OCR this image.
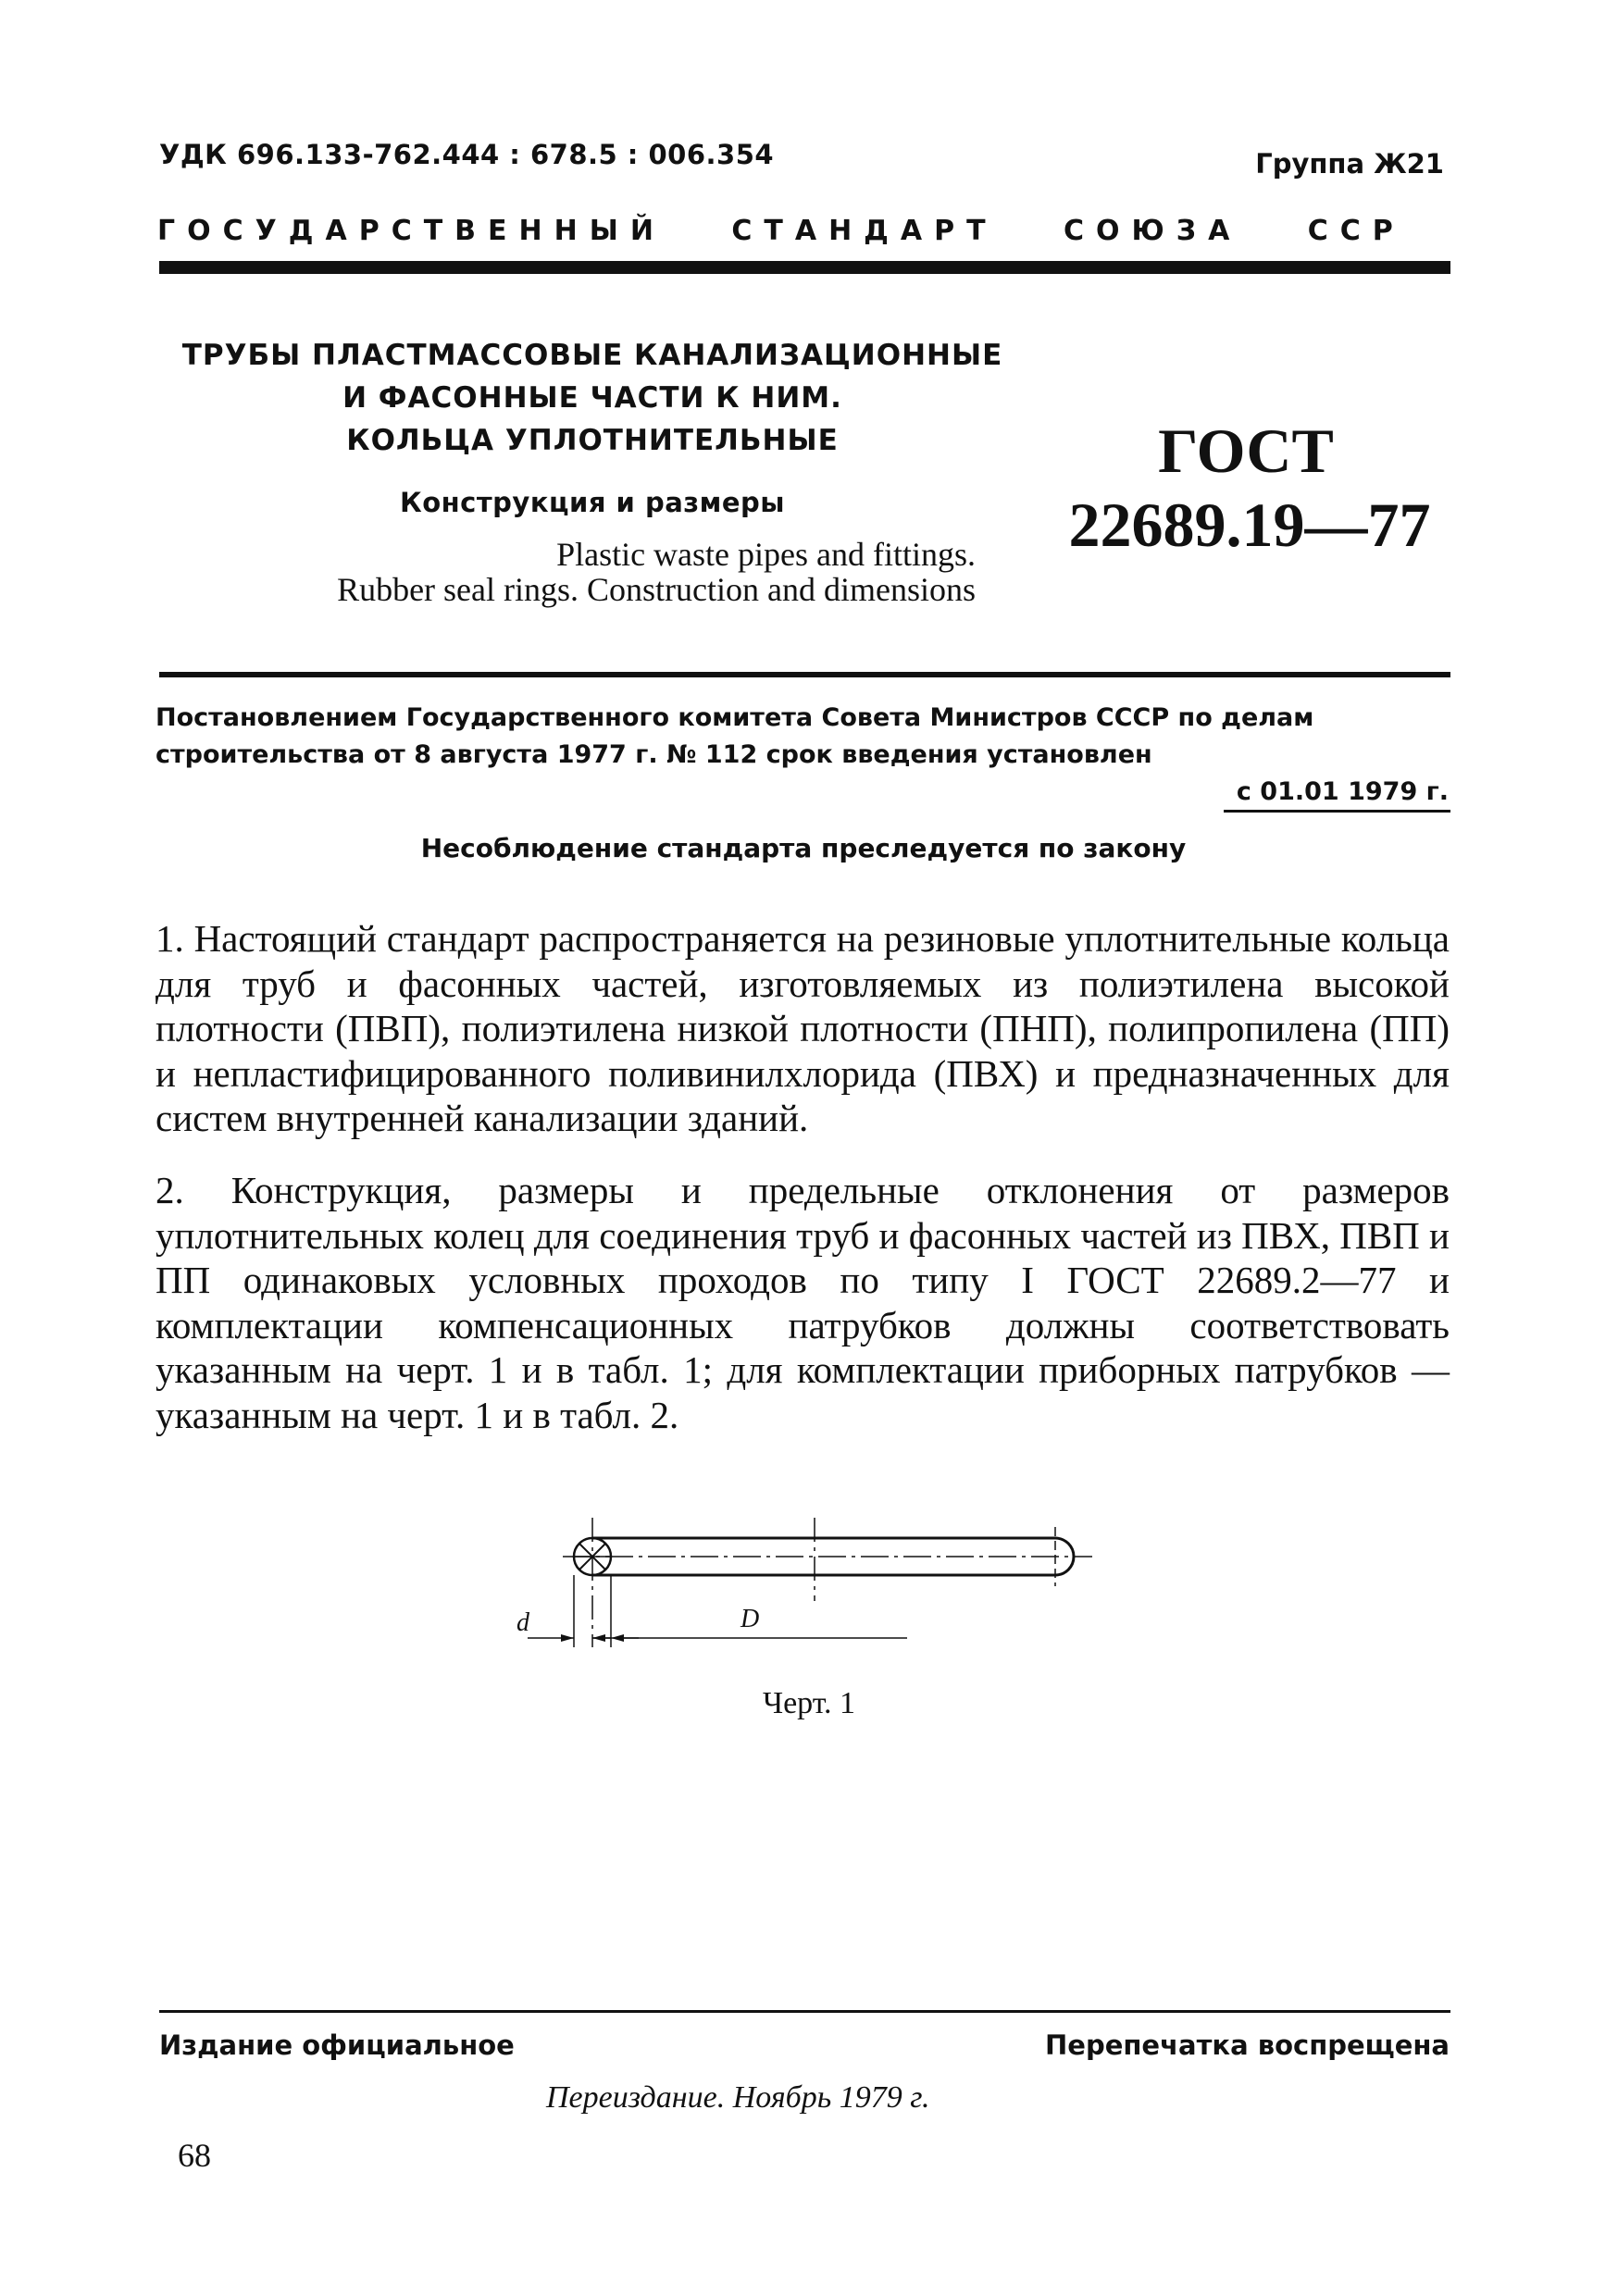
УДК 696.133-762.444 : 678.5 : 006.354	Группа Ж21
ГОСУДАРСТВЕННЫЙ СТАНДАРТ СОЮЗА ССР
ТРУБЫ ПЛАСТМАССОВЫЕ КАНАЛИЗАЦИОННЫЕ
И ФАСОННЫЕ ЧАСТИ К НИМ.
КОЛЬЦА УПЛОТНИТЕЛЬНЫЕ
Конструкция и размеры
Plastic waste pipes and fittings.
Rubber seal rings. Construction and dimensions
ГОСТ
22689.19—77
Постановлением Государственного комитета Совета Министров СССР по делам
строительства от 8 августа 1977 г. № 112 срок введения установлен
с 01.01 1979 г.
Несоблюдение стандарта преследуется по закону
1. Настоящий стандарт распространяется на резиновые уплотнительные кольца для труб и фасонных частей, изготовляемых из полиэтилена высокой плотности (ПВП), полиэтилена низкой плотности (ПНП), полипропилена (ПП) и непластифицированного поливинилхлорида (ПВХ) и предназначенных для систем внутренней канализации зданий.
2. Конструкция, размеры и предельные отклонения от размеров уплотнительных колец для соединения труб и фасонных частей из ПВХ, ПВП и ПП одинаковых условных проходов по типу I ГОСТ 22689.2—77 и комплектации компенсационных патрубков должны соответствовать указанным на черт. 1 и в табл. 1; для комплектации приборных патрубков — указанным на черт. 1 и в табл. 2.
d	D
Черт. 1
Издание официальное	Перепечатка воспрещена
Переиздание. Ноябрь 1979 г.
68
